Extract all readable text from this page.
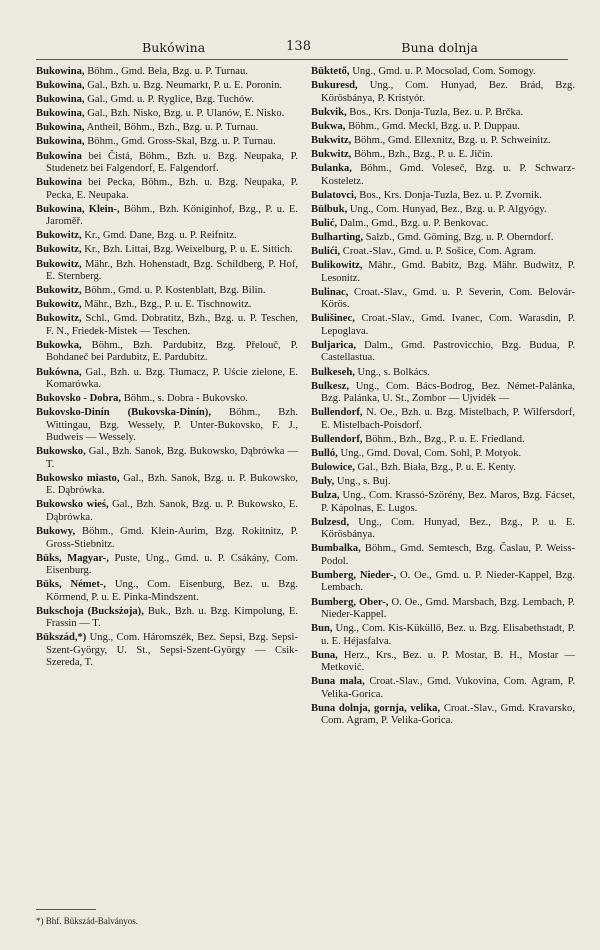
Bukówina	138	Buna dolnja

Bukowina, Böhm., Gmd. Bela, Bzg. u. P. Turnau.

Bukowina, Gal., Bzh. u. Bzg. Neumarkt, P. u. E. Poronin.

Bukowina, Gal., Gmd. u. P. Ryglice, Bzg. Tuchów.

Bukowina, Gal., Bzh. Nisko, Bzg. u. P. Ulanów, E. Nisko.

Bukowina, Antheil, Böhm., Bzh., Bzg. u. P. Turnau.

Bukowina, Böhm., Gmd. Gross-Skal, Bzg. u. P. Turnau.

Bukowina bei Čistá, Böhm., Bzh. u. Bzg. Neupaka, P. Studenetz bei Falgendorf, E. Falgendorf.

Bukowina bei Pecka, Böhm., Bzh. u. Bzg. Neupaka, P. Pecka, E. Neupaka.

Bukowina, Klein-, Böhm., Bzh. Königinhof, Bzg., P. u. E. Jaroměř.

Bukowitz, Kr., Gmd. Dane, Bzg. u. P. Reifnitz.

Bukowitz, Kr., Bzh. Littai, Bzg. Weixelburg, P. u. E. Sittich.

Bukowitz, Mähr., Bzh. Hohenstadt, Bzg. Schildberg, P. Hof, E. Sternberg.

Bukowitz, Böhm., Gmd. u. P. Kostenblatt, Bzg. Bilin.

Bukowitz, Mähr., Bzh., Bzg., P. u. E. Tischnowitz.

Bukowitz, Schl., Gmd. Dobratitz, Bzh., Bzg. u. P. Teschen, F. N., Friedek-Mistek — Teschen.

Bukowka, Böhm., Bzh. Pardubitz, Bzg. Přelouč, P. Bohdaneč bei Pardubitz, E. Pardubitz.

Bukówna, Gal., Bzh. u. Bzg. Tłumacz, P. Uście zielone, E. Komarówka.

Bukovsko - Dobra, Böhm., s. Dobra - Bukovsko.

Bukovsko-Dinín (Bukovska-Dinín), Böhm., Bzh. Wittingau, Bzg. Wessely, P. Unter-Bukovsko, F. J., Budweis — Wessely.

Bukowsko, Gal., Bzh. Sanok, Bzg. Bukowsko, Dąbrówka — T.

Bukowsko miasto, Gal., Bzh. Sanok, Bzg. u. P. Bukowsko, E. Dąbrówka.

Bukowsko wieś, Gal., Bzh. Sanok, Bzg. u. P. Bukowsko, E. Dąbrówka.

Bukowy, Böhm., Gmd. Klein-Aurim, Bzg. Rokitnitz, P. Gross-Stiebnitz.

Büks, Magyar-, Puste, Ung., Gmd. u. P. Csákány, Com. Eisenburg.

Büks, Német-, Ung., Com. Eisenburg, Bez. u. Bzg. Körmend, P. u. E. Pinka-Mindszent.

Bukschoja (Bucksżoja), Buk., Bzh. u. Bzg. Kimpolung, E. Frassin — T.

Bükszád,*) Ung., Com. Háromszék, Bez. Sepsi, Bzg. Sepsi-Szent-György, U. St., Sepsi-Szent-György — Csik-Szereda, T.

Büktető, Ung., Gmd. u. P. Mocsolad, Com. Somogy.

Bukuresd, Ung., Com. Hunyad, Bez. Brád, Bzg. Körösbánya, P. Kristyór.

Bukvik, Bos., Krs. Donja-Tuzla, Bez. u. P. Brčka.

Bukwa, Böhm., Gmd. Meckl, Bzg. u. P. Duppau.

Bukwitz, Böhm., Gmd. Ellexnitz, Bzg. u. P. Schweinitz.

Bukwitz, Böhm., Bzh., Bzg., P. u. E. Jičín.

Bulanka, Böhm., Gmd. Voleseč, Bzg. u. P. Schwarz-Kosteletz.

Bulatovci, Bos., Krs. Donja-Tuzla, Bez. u. P. Zvornik.

Bülbuk, Ung., Com. Hunyad, Bez., Bzg. u. P. Algyógy.

Bulić, Dalm., Gmd., Bzg. u. P. Benkovac.

Bulharting, Salzb., Gmd. Göming, Bzg. u. P. Oberndorf.

Bulići, Croat.-Slav., Gmd. u. P. Sošice, Com. Agram.

Bulikowitz, Mähr., Gmd. Babitz, Bzg. Mähr. Budwitz, P. Lesonitz.

Bulinac, Croat.-Slav., Gmd. u. P. Severin, Com. Belovár-Körös.

Bulišinec, Croat.-Slav., Gmd. Ivanec, Com. Warasdin, P. Lepoglava.

Buljarica, Dalm., Gmd. Pastrovicchio, Bzg. Budua, P. Castellastua.

Bulkeseh, Ung., s. Bolkács.

Bulkesz, Ung., Com. Bács-Bodrog, Bez. Német-Palánka, Bzg. Palánka, U. St., Zombor — Ujvidék —

Bullendorf, N. Oe., Bzh. u. Bzg. Mistelbach, P. Wilfersdorf, E. Mistelbach-Poisdorf.

Bullendorf, Böhm., Bzh., Bzg., P. u. E. Friedland.

Bulló, Ung., Gmd. Doval, Com. Sohl, P. Motyok.

Bulowice, Gal., Bzh. Biała, Bzg., P. u. E. Kenty.

Buly, Ung., s. Buj.

Bulza, Ung., Com. Krassó-Szörény, Bez. Maros, Bzg. Fácset, P. Kápolnas, E. Lugos.

Bulzesd, Ung., Com. Hunyad, Bez., Bzg., P. u. E. Körösbánya.

Bumbalka, Böhm., Gmd. Semtesch, Bzg. Časlau, P. Weiss-Podol.

Bumberg, Nieder-, O. Oe., Gmd. u. P. Nieder-Kappel, Bzg. Lembach.

Bumberg, Ober-, O. Oe., Gmd. Marsbach, Bzg. Lembach, P. Nieder-Kappel.

Bun, Ung., Com. Kis-Küküllő, Bez. u. Bzg. Elisabethstadt, P. u. E. Héjasfalva.

Buna, Herz., Krs., Bez. u. P. Mostar, B. H., Mostar — Metković.

Buna mala, Croat.-Slav., Gmd. Vukovina, Com. Agram, P. Velika-Gorica.

Buna dolnja, gornja, velika, Croat.-Slav., Gmd. Kravarsko, Com. Agram, P. Velika-Gorica.

*) Bhf. Bükszád-Balványos.
